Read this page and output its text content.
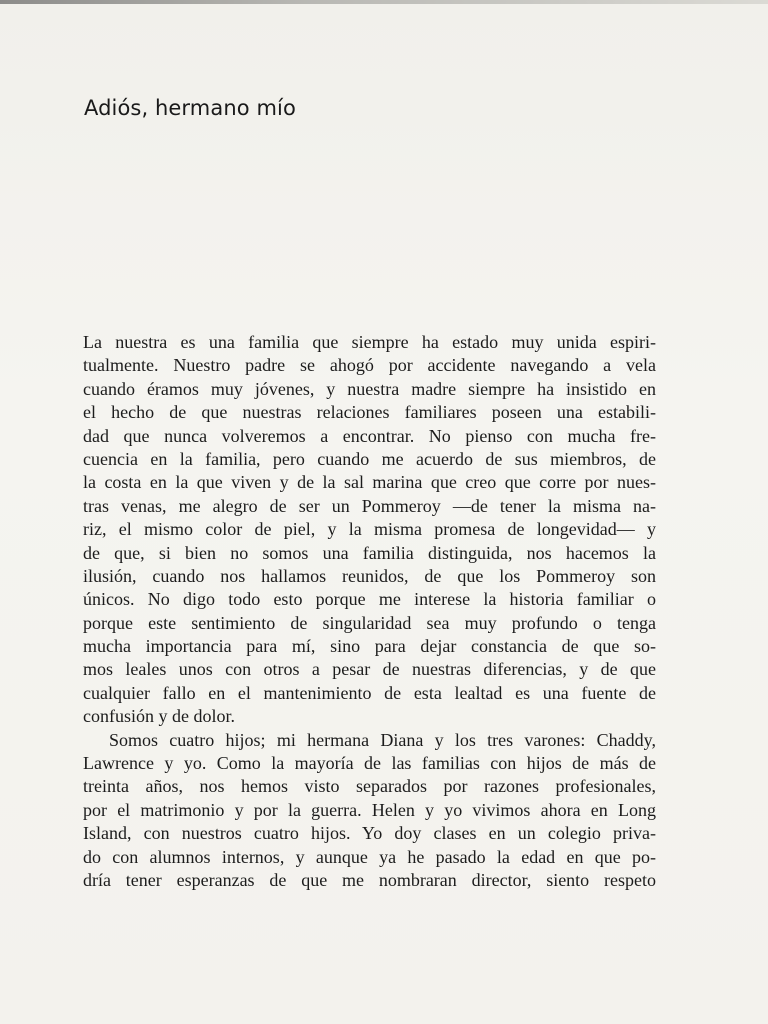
Adiós, hermano mío
La nuestra es una familia que siempre ha estado muy unida espiri-
tualmente. Nuestro padre se ahogó por accidente navegando a vela
cuando éramos muy jóvenes, y nuestra madre siempre ha insistido en
el hecho de que nuestras relaciones familiares poseen una estabili-
dad que nunca volveremos a encontrar. No pienso con mucha fre-
cuencia en la familia, pero cuando me acuerdo de sus miembros, de
la costa en la que viven y de la sal marina que creo que corre por nues-
tras venas, me alegro de ser un Pommeroy —de tener la misma na-
riz, el mismo color de piel, y la misma promesa de longevidad— y
de que, si bien no somos una familia distinguida, nos hacemos la
ilusión, cuando nos hallamos reunidos, de que los Pommeroy son
únicos. No digo todo esto porque me interese la historia familiar o
porque este sentimiento de singularidad sea muy profundo o tenga
mucha importancia para mí, sino para dejar constancia de que so-
mos leales unos con otros a pesar de nuestras diferencias, y de que
cualquier fallo en el mantenimiento de esta lealtad es una fuente de
confusión y de dolor.
Somos cuatro hijos; mi hermana Diana y los tres varones: Chaddy,
Lawrence y yo. Como la mayoría de las familias con hijos de más de
treinta años, nos hemos visto separados por razones profesionales,
por el matrimonio y por la guerra. Helen y yo vivimos ahora en Long
Island, con nuestros cuatro hijos. Yo doy clases en un colegio priva-
do con alumnos internos, y aunque ya he pasado la edad en que po-
dría tener esperanzas de que me nombraran director, siento respeto
